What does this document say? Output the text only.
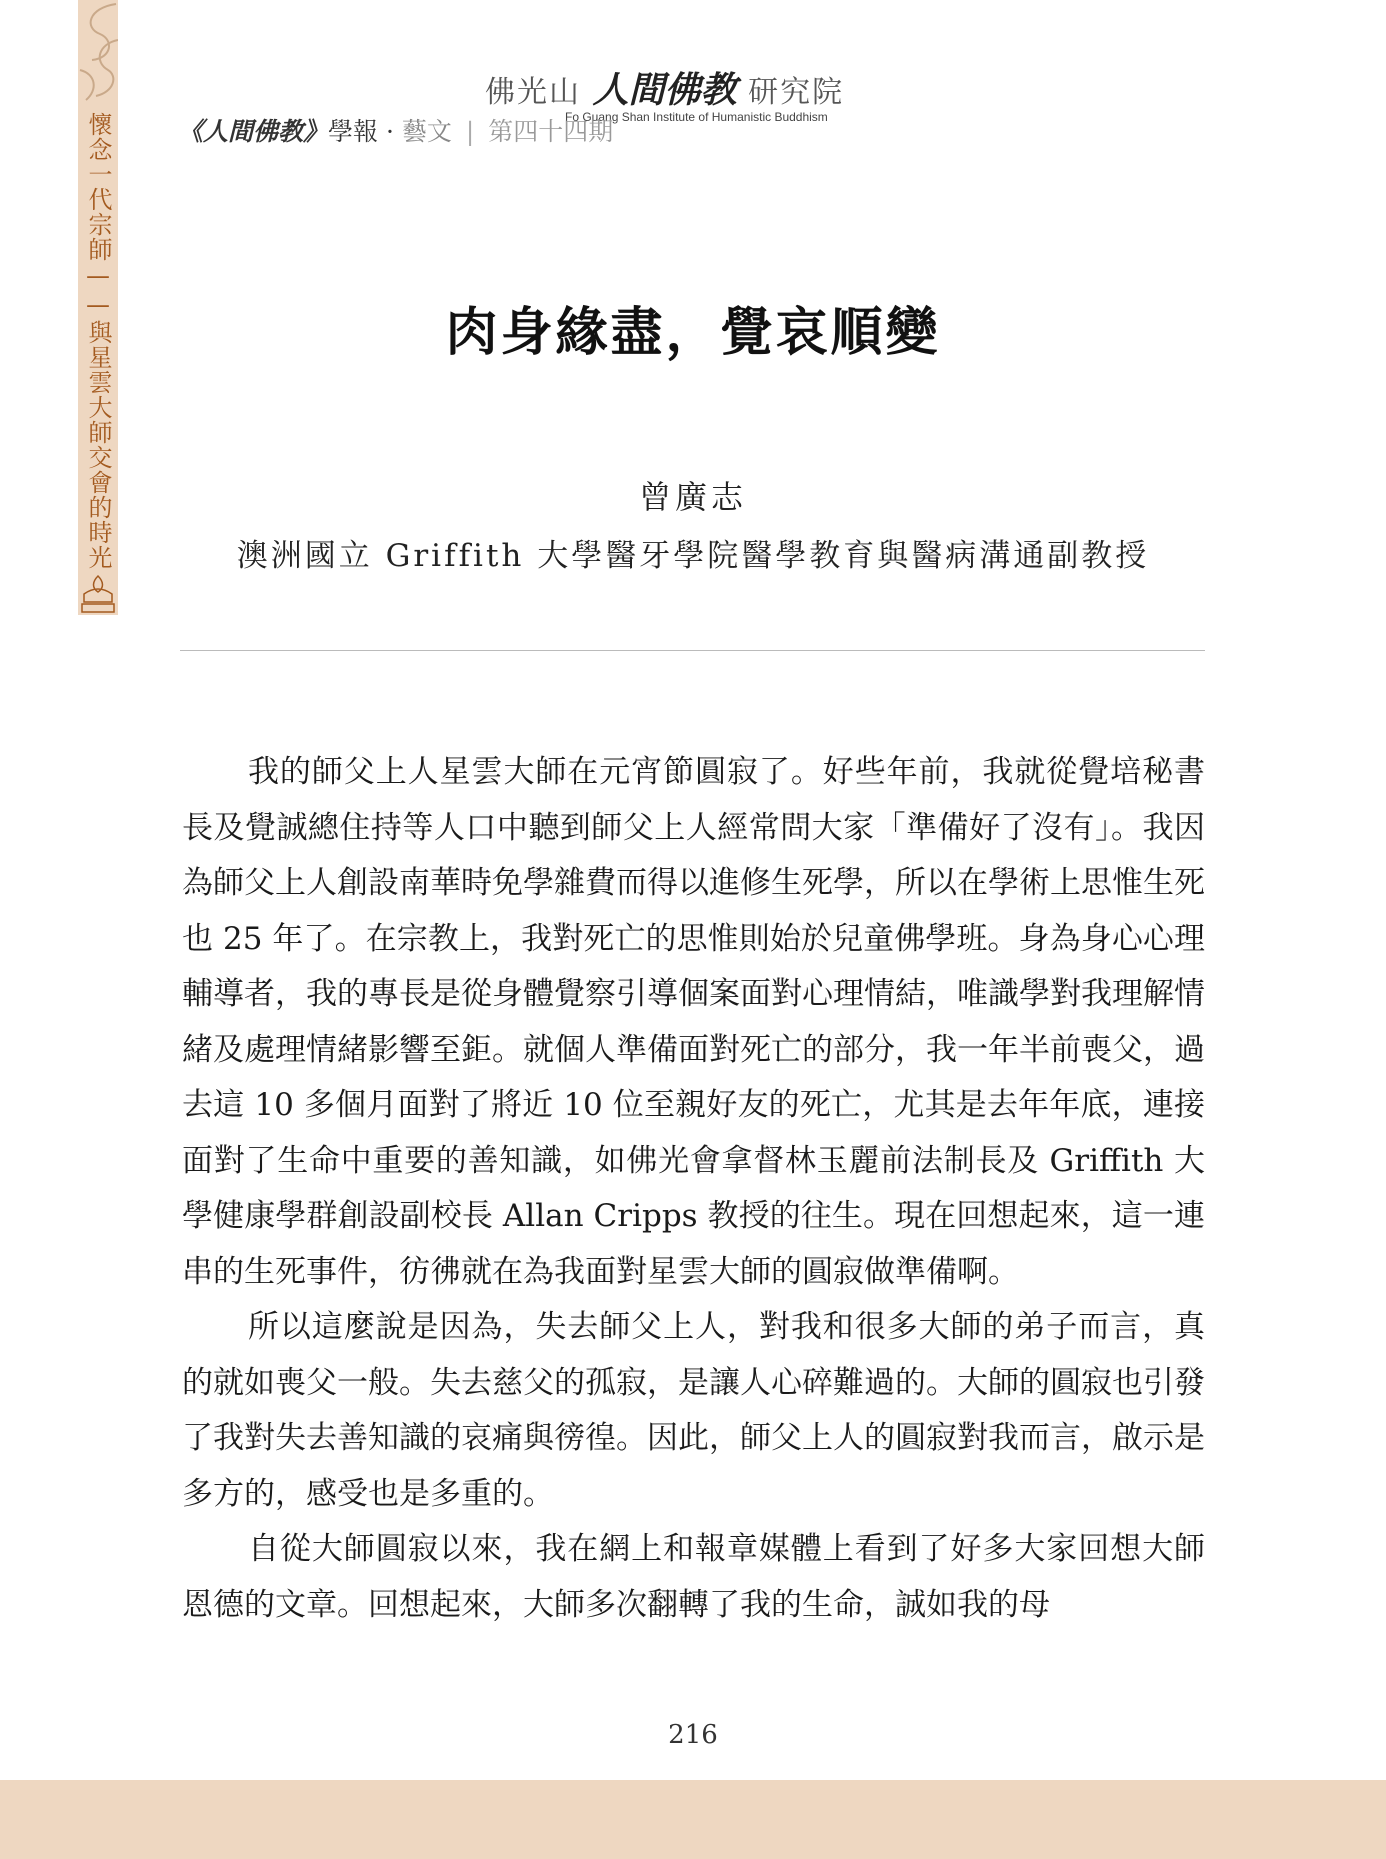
懷念一代宗師——與星雲大師交會的時光
佛光山 人間佛教 研究院
Fo Guang Shan Institute of Humanistic Buddhism
《人間佛教》學報 · 藝文 | 第四十四期
肉身緣盡，覺哀順變
曾廣志
澳洲國立 Griffith 大學醫牙學院醫學教育與醫病溝通副教授

我的師父上人星雲大師在元宵節圓寂了。好些年前，我就從覺培秘書長及覺誠總住持等人口中聽到師父上人經常問大家「準備好了沒有」。我因為師父上人創設南華時免學雜費而得以進修生死學，所以在學術上思惟生死也 25 年了。在宗教上，我對死亡的思惟則始於兒童佛學班。身為身心心理輔導者，我的專長是從身體覺察引導個案面對心理情結，唯識學對我理解情緒及處理情緒影響至鉅。就個人準備面對死亡的部分，我一年半前喪父，過去這 10 多個月面對了將近 10 位至親好友的死亡，尤其是去年年底，連接面對了生命中重要的善知識，如佛光會拿督林玉麗前法制長及 Griffith 大學健康學群創設副校長 Allan Cripps 教授的往生。現在回想起來，這一連串的生死事件，彷彿就在為我面對星雲大師的圓寂做準備啊。

所以這麼說是因為，失去師父上人，對我和很多大師的弟子而言，真的就如喪父一般。失去慈父的孤寂，是讓人心碎難過的。大師的圓寂也引發了我對失去善知識的哀痛與徬徨。因此，師父上人的圓寂對我而言，啟示是多方的，感受也是多重的。

自從大師圓寂以來，我在網上和報章媒體上看到了好多大家回想大師恩德的文章。回想起來，大師多次翻轉了我的生命，誠如我的母

216
